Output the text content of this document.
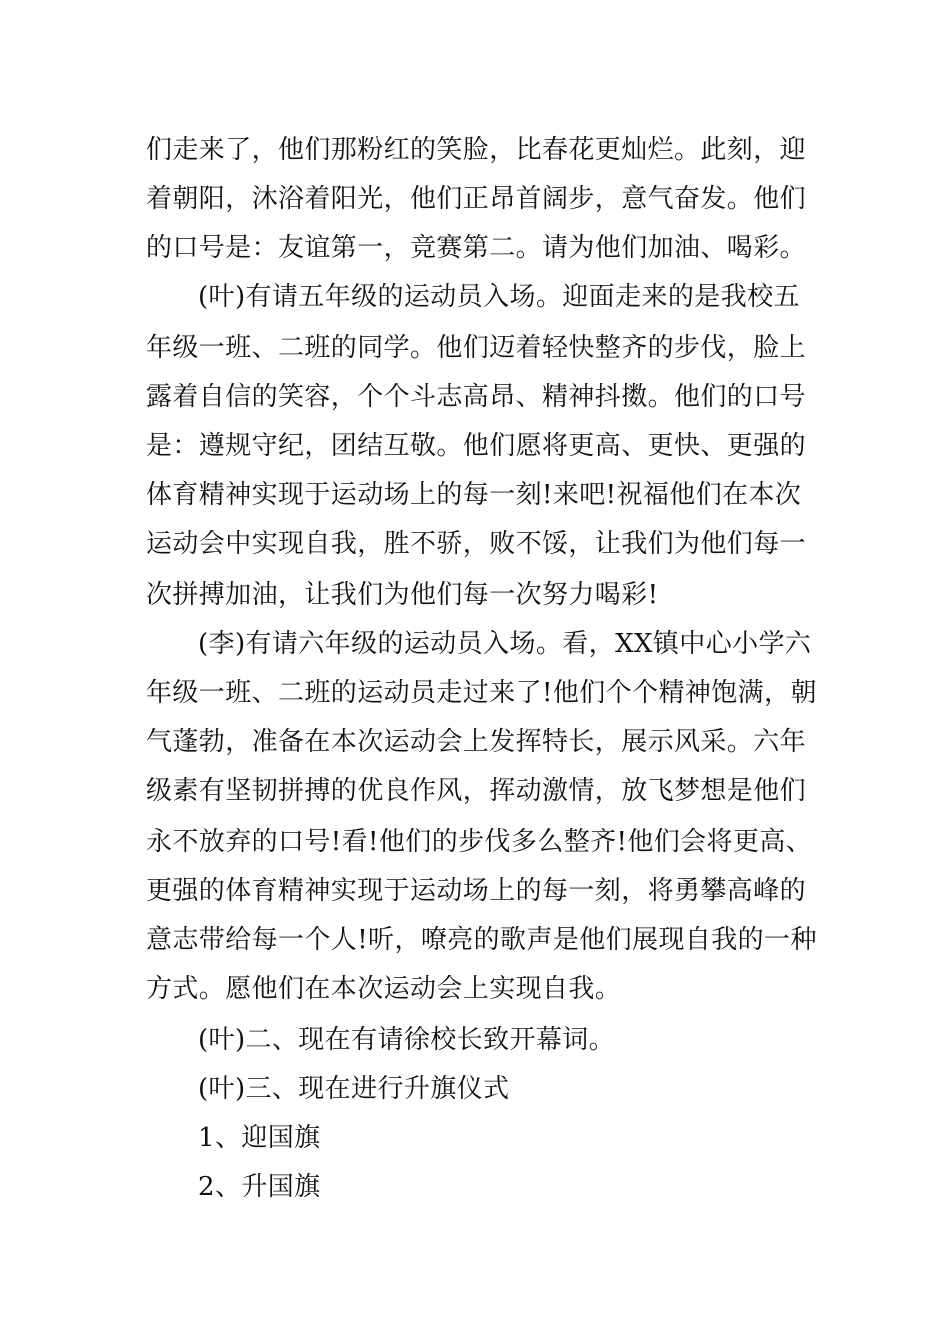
们走来了，他们那粉红的笑脸，比春花更灿烂。此刻，迎
着朝阳，沐浴着阳光，他们正昂首阔步，意气奋发。他们
的口号是：友谊第一，竞赛第二。请为他们加油、喝彩。
(叶)有请五年级的运动员入场。迎面走来的是我校五
年级一班、二班的同学。他们迈着轻快整齐的步伐，脸上
露着自信的笑容，个个斗志高昂、精神抖擞。他们的口号
是：遵规守纪，团结互敬。他们愿将更高、更快、更强的
体育精神实现于运动场上的每一刻!来吧!祝福他们在本次
运动会中实现自我，胜不骄，败不馁，让我们为他们每一
次拼搏加油，让我们为他们每一次努力喝彩!
(李)有请六年级的运动员入场。看，XX镇中心小学六
年级一班、二班的运动员走过来了!他们个个精神饱满，朝
气蓬勃，准备在本次运动会上发挥特长，展示风采。六年
级素有坚韧拼搏的优良作风，挥动激情，放飞梦想是他们
永不放弃的口号!看!他们的步伐多么整齐!他们会将更高、
更强的体育精神实现于运动场上的每一刻，将勇攀高峰的
意志带给每一个人!听，嘹亮的歌声是他们展现自我的一种
方式。愿他们在本次运动会上实现自我。
(叶)二、现在有请徐校长致开幕词。
(叶)三、现在进行升旗仪式
1、迎国旗
2、升国旗
